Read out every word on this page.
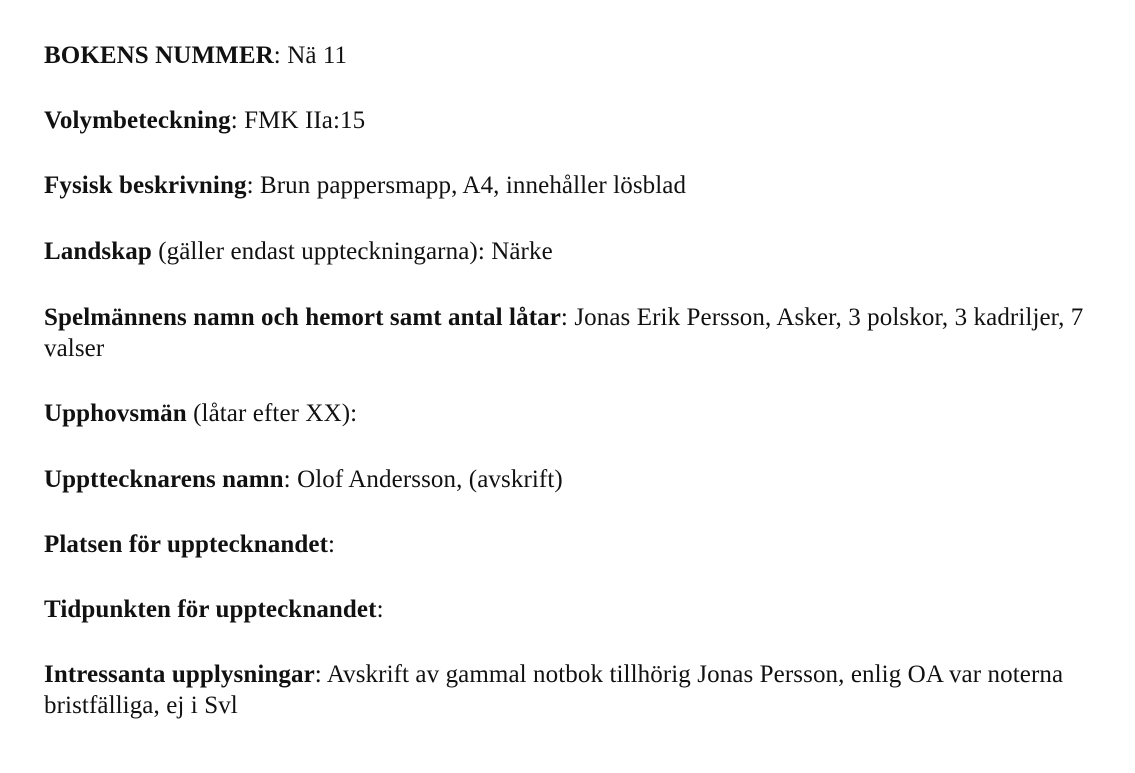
BOKENS NUMMER: Nä 11
Volymbeteckning: FMK IIa:15
Fysisk beskrivning: Brun pappersmapp, A4, innehåller lösblad
Landskap (gäller endast uppteckningarna): Närke
Spelmännens namn och hemort samt antal låtar: Jonas Erik Persson, Asker, 3 polskor, 3 kadriljer, 7 valser
Upphovsmän (låtar efter XX):
Uppttecknarens namn: Olof Andersson, (avskrift)
Platsen för upptecknandet:
Tidpunkten för upptecknandet:
Intressanta upplysningar: Avskrift av gammal notbok tillhörig Jonas Persson, enlig OA var noterna bristfälliga, ej i Svl
